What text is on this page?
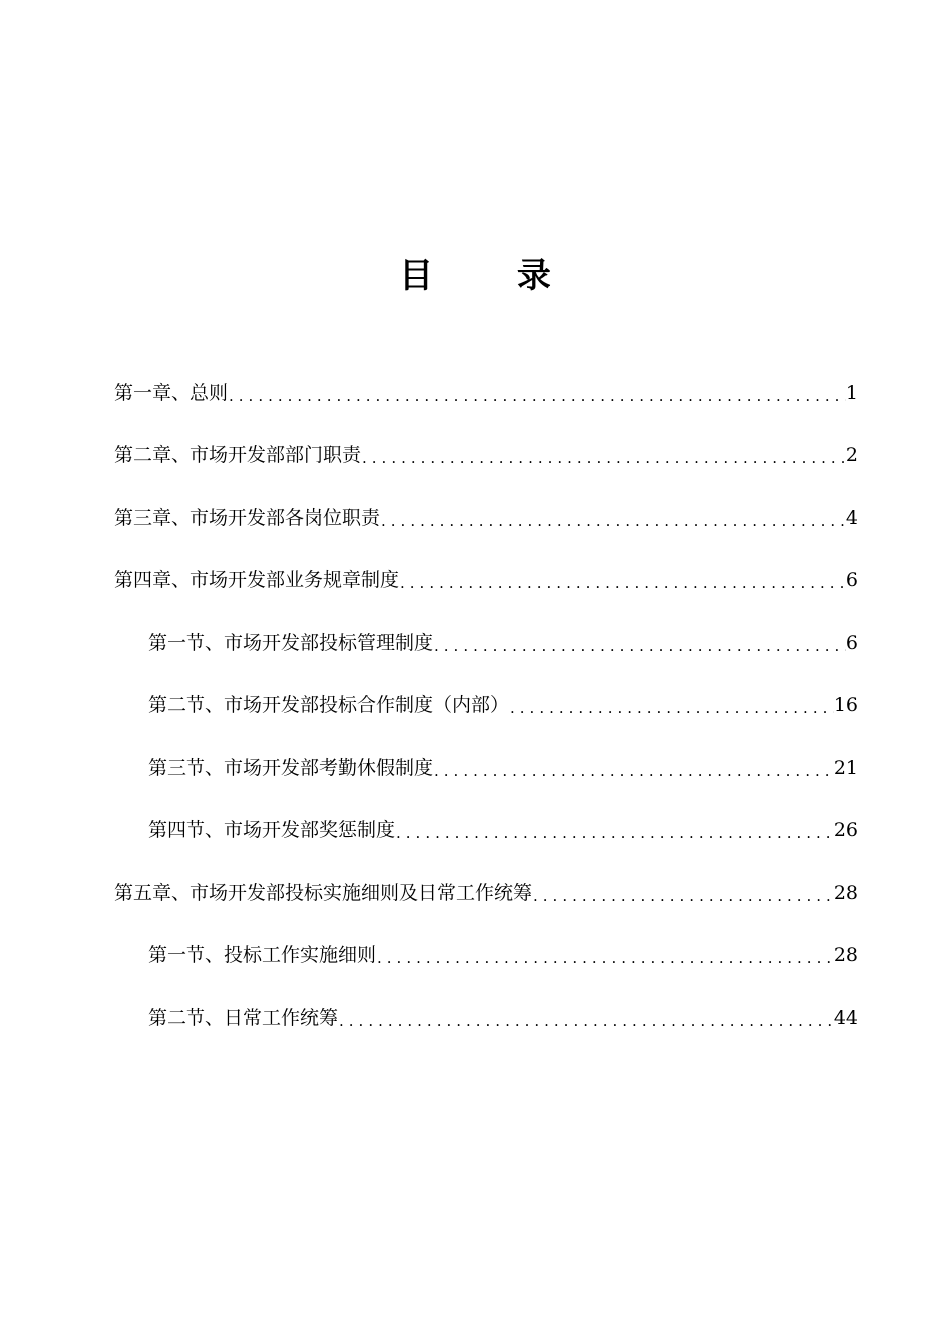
目 录
第一章、总则 .....	1
第二章、市场开发部部门职责 .....	2
第三章、市场开发部各岗位职责 .....	4
第四章、市场开发部业务规章制度 .....	6
第一节、市场开发部投标管理制度 .....	6
第二节、市场开发部投标合作制度（内部） .....	16
第三节、市场开发部考勤休假制度 .....	21
第四节、市场开发部奖惩制度 .....	26
第五章、市场开发部投标实施细则及日常工作统筹 .....	28
第一节、投标工作实施细则 .....	28
第二节、日常工作统筹 .....	44
